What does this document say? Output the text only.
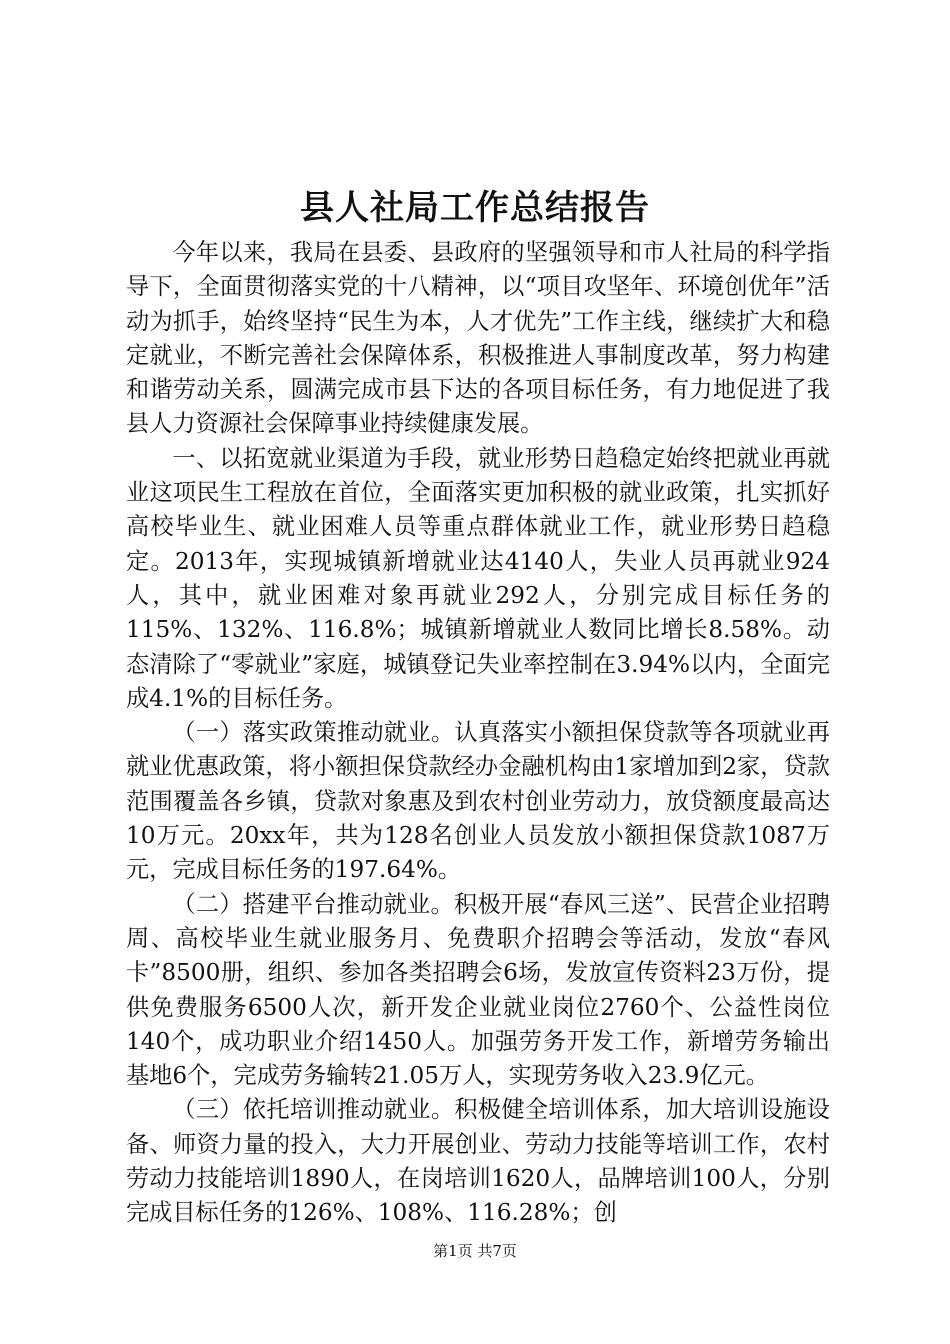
县人社局工作总结报告

今年以来，我局在县委、县政府的坚强领导和市人社局的科学指导下，全面贯彻落实党的十八精神，以“项目攻坚年、环境创优年”活动为抓手，始终坚持“民生为本，人才优先”工作主线，继续扩大和稳定就业，不断完善社会保障体系，积极推进人事制度改革，努力构建和谐劳动关系，圆满完成市县下达的各项目标任务，有力地促进了我县人力资源社会保障事业持续健康发展。

一、以拓宽就业渠道为手段，就业形势日趋稳定始终把就业再就业这项民生工程放在首位，全面落实更加积极的就业政策，扎实抓好高校毕业生、就业困难人员等重点群体就业工作，就业形势日趋稳定。2013年，实现城镇新增就业达4140人，失业人员再就业924人，其中，就业困难对象再就业292人，分别完成目标任务的115%、132%、116.8%；城镇新增就业人数同比增长8.58%。动态清除了“零就业”家庭，城镇登记失业率控制在3.94%以内，全面完成4.1%的目标任务。

（一）落实政策推动就业。认真落实小额担保贷款等各项就业再就业优惠政策，将小额担保贷款经办金融机构由1家增加到2家，贷款范围覆盖各乡镇，贷款对象惠及到农村创业劳动力，放贷额度最高达10万元。20xx年，共为128名创业人员发放小额担保贷款1087万元，完成目标任务的197.64%。

（二）搭建平台推动就业。积极开展“春风三送”、民营企业招聘周、高校毕业生就业服务月、免费职介招聘会等活动，发放“春风卡”8500册，组织、参加各类招聘会6场，发放宣传资料23万份，提供免费服务6500人次，新开发企业就业岗位2760个、公益性岗位140个，成功职业介绍1450人。加强劳务开发工作，新增劳务输出基地6个，完成劳务输转21.05万人，实现劳务收入23.9亿元。

（三）依托培训推动就业。积极健全培训体系，加大培训设施设备、师资力量的投入，大力开展创业、劳动力技能等培训工作，农村劳动力技能培训1890人，在岗培训1620人，品牌培训100人，分别完成目标任务的126%、108%、116.28%；创

第1页 共7页
